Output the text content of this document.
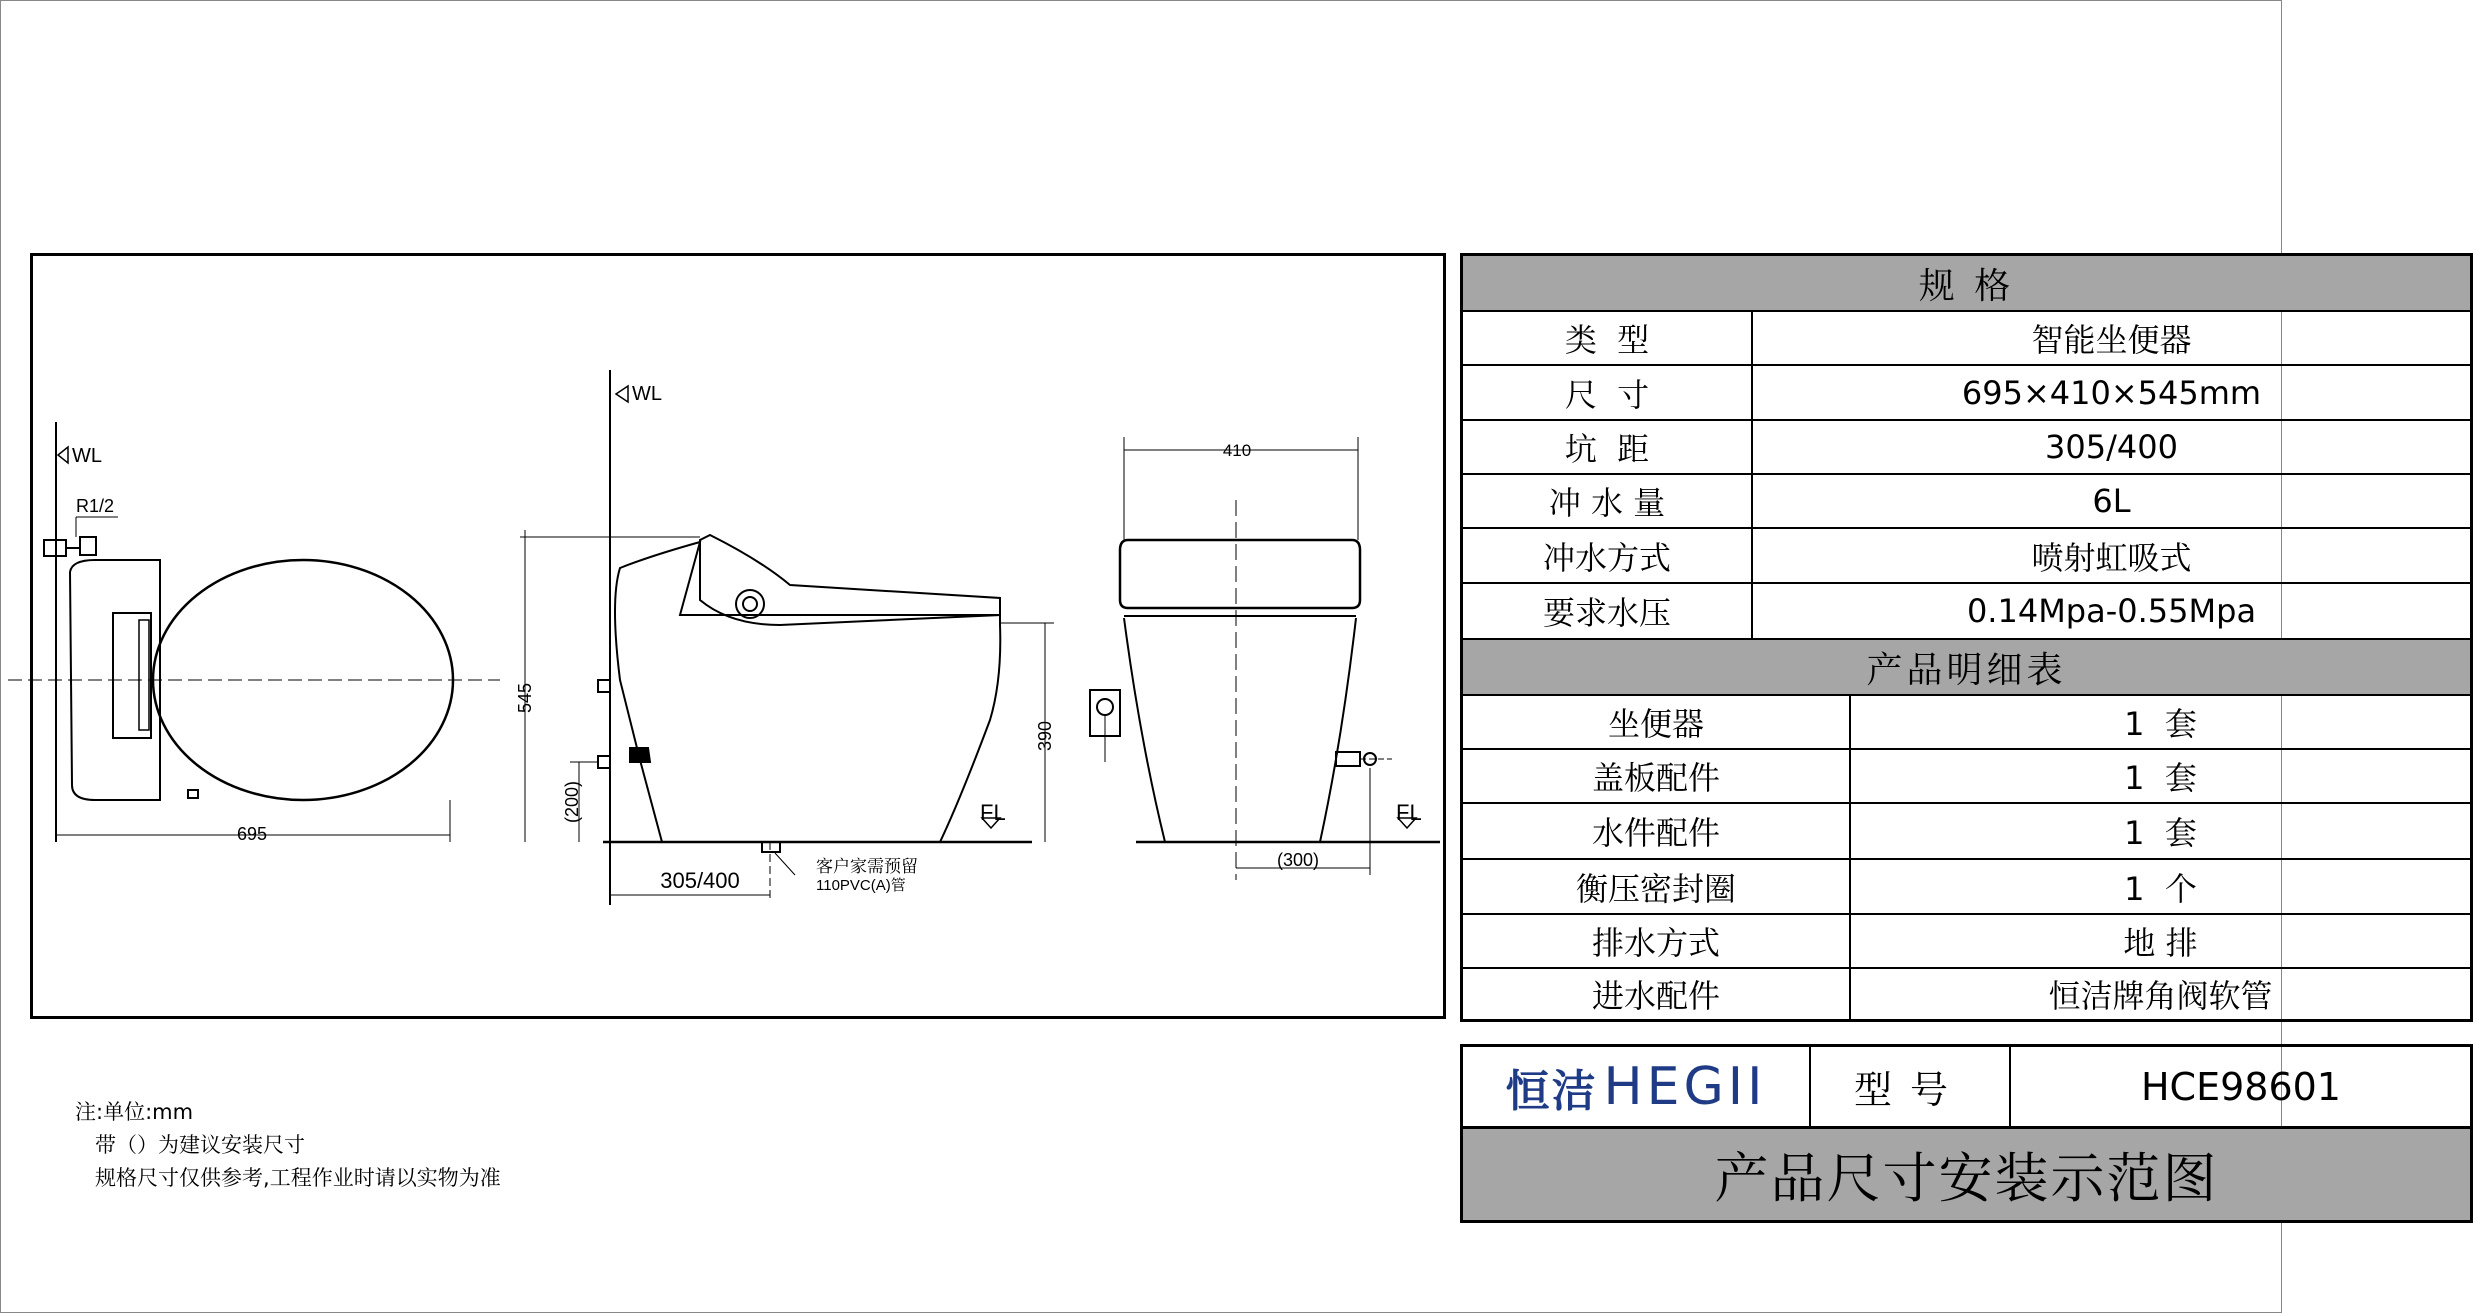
WL
R1/2
695
WL
545
390
(200)	FL
305/400
客户家需预留
110PVC(A)管
410
FL
(300)
规 格
类  型	智能坐便器
尺  寸	695×410×545mm
坑  距	305/400
冲 水 量	6L
冲水方式	喷射虹吸式
要求水压	0.14Mpa-0.55Mpa
产品明细表
坐便器	1  套
盖板配件	1  套
水件配件	1  套
衡压密封圈	1  个
排水方式	地 排
进水配件	恒洁牌角阀软管
恒洁 HEGII	型号	HCE98601
产品尺寸安装示范图
注:单位:mm
带（）为建议安装尺寸
规格尺寸仅供参考,工程作业时请以实物为准
